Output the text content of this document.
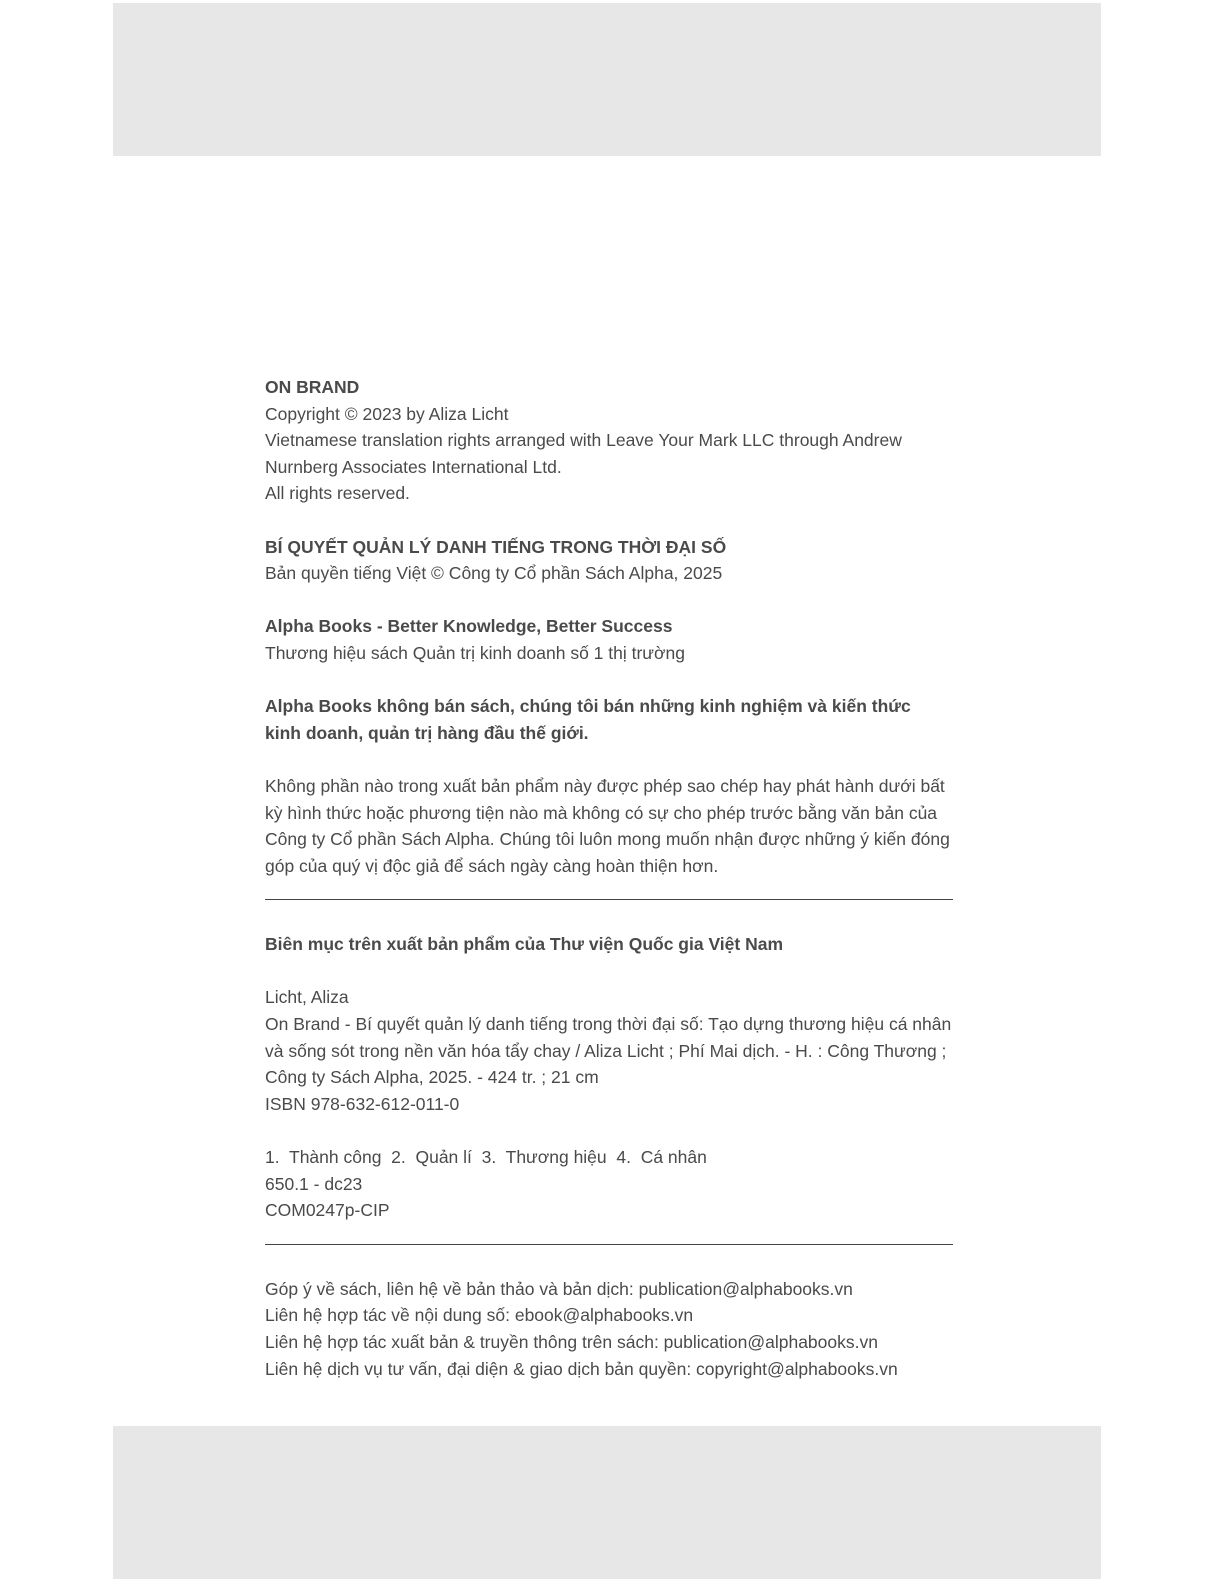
ON BRAND
Copyright © 2023 by Aliza Licht
Vietnamese translation rights arranged with Leave Your Mark LLC through Andrew
Nurnberg Associates International Ltd.
All rights reserved.
BÍ QUYẾT QUẢN LÝ DANH TIẾNG TRONG THỜI ĐẠI SỐ
Bản quyền tiếng Việt © Công ty Cổ phần Sách Alpha, 2025
Alpha Books - Better Knowledge, Better Success
Thương hiệu sách Quản trị kinh doanh số 1 thị trường
Alpha Books không bán sách, chúng tôi bán những kinh nghiệm và kiến thức
kinh doanh, quản trị hàng đầu thế giới.
Không phần nào trong xuất bản phẩm này được phép sao chép hay phát hành dưới bất
kỳ hình thức hoặc phương tiện nào mà không có sự cho phép trước bằng văn bản của
Công ty Cổ phần Sách Alpha. Chúng tôi luôn mong muốn nhận được những ý kiến đóng
góp của quý vị độc giả để sách ngày càng hoàn thiện hơn.
Biên mục trên xuất bản phẩm của Thư viện Quốc gia Việt Nam
Licht, Aliza
On Brand - Bí quyết quản lý danh tiếng trong thời đại số: Tạo dựng thương hiệu cá nhân
và sống sót trong nền văn hóa tẩy chay / Aliza Licht ; Phí Mai dịch. - H. : Công Thương ;
Công ty Sách Alpha, 2025. - 424 tr. ; 21 cm
ISBN 978-632-612-011-0
1.  Thành công  2.  Quản lí  3.  Thương hiệu  4.  Cá nhân
650.1 - dc23
COM0247p-CIP
Góp ý về sách, liên hệ về bản thảo và bản dịch: publication@alphabooks.vn
Liên hệ hợp tác về nội dung số: ebook@alphabooks.vn
Liên hệ hợp tác xuất bản & truyền thông trên sách: publication@alphabooks.vn
Liên hệ dịch vụ tư vấn, đại diện & giao dịch bản quyền: copyright@alphabooks.vn
